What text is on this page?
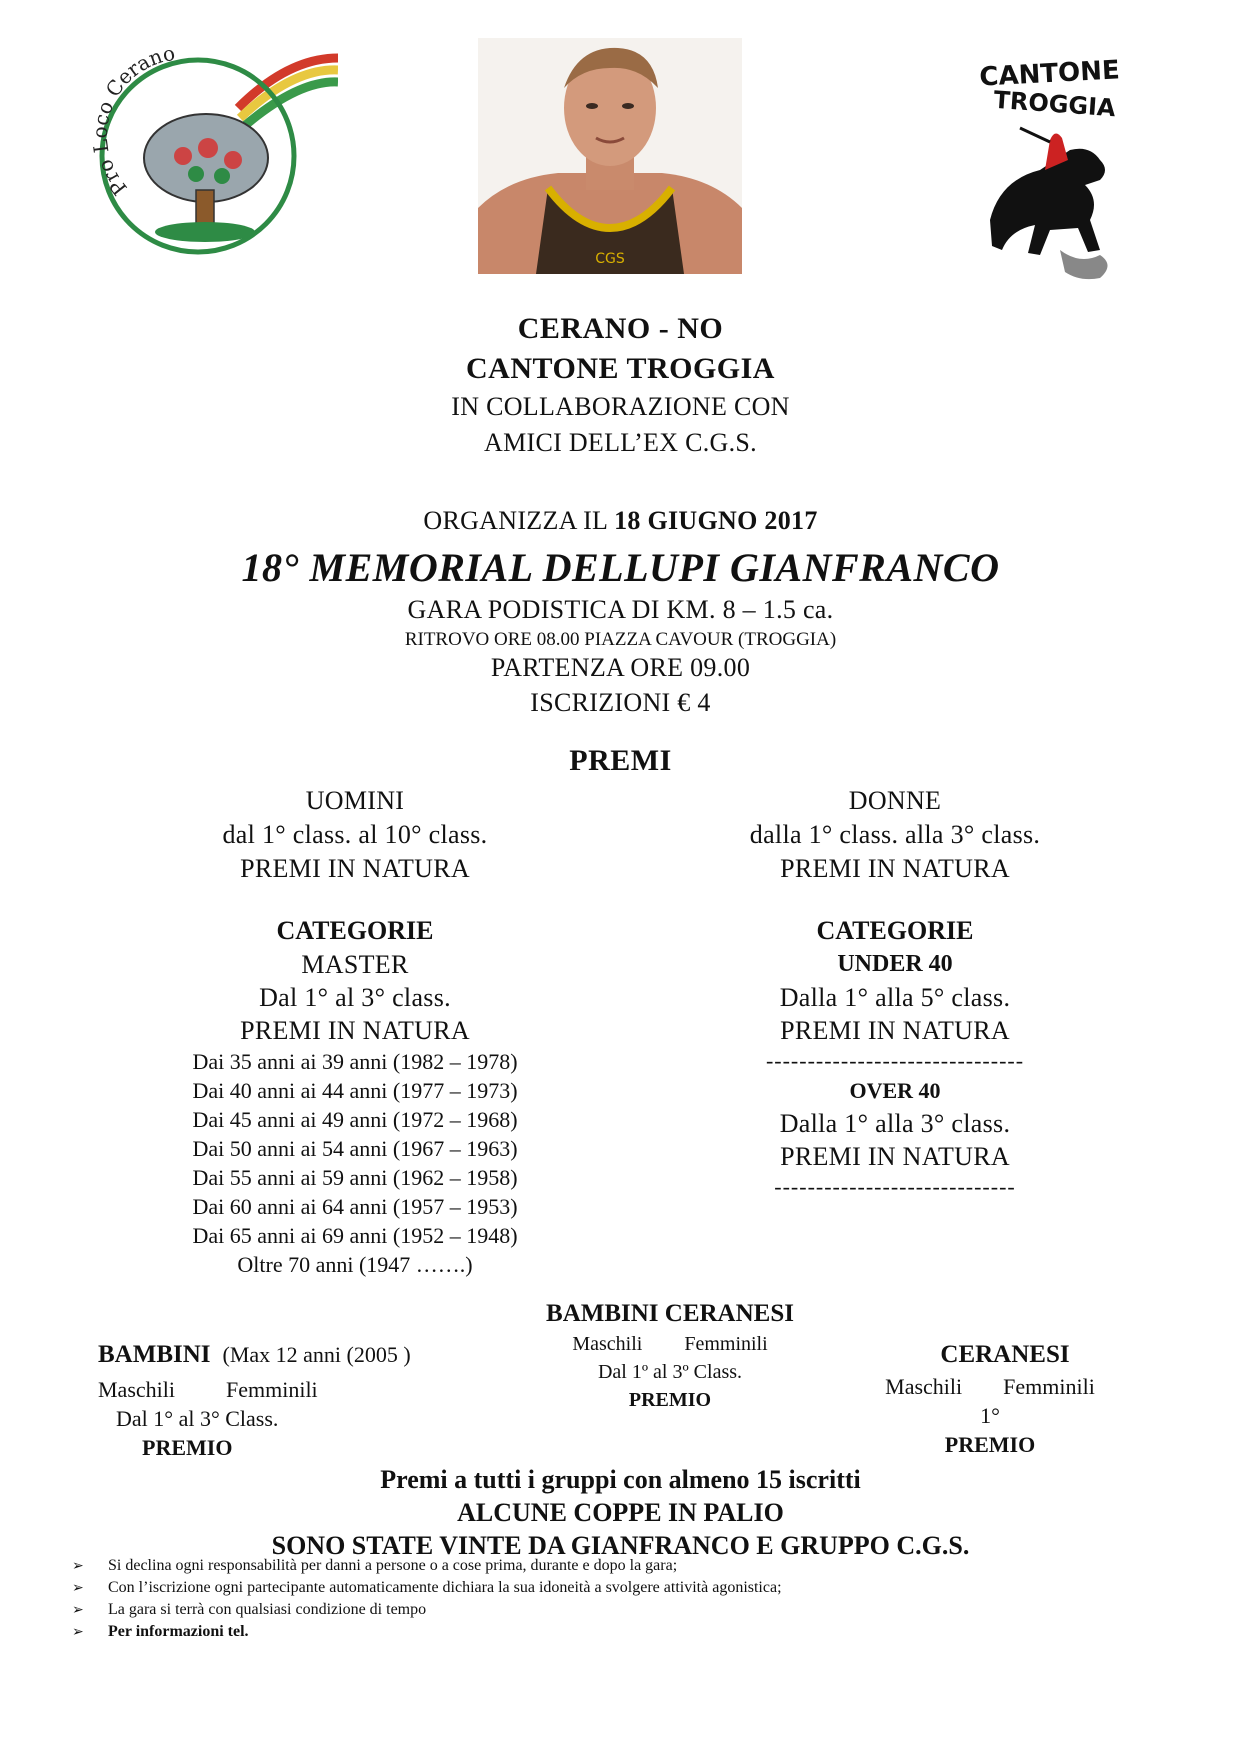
Pro Loco Cerano
CGS
CANTONE
TROGGIA
CERANO - NO
CANTONE TROGGIA
IN COLLABORAZIONE CON
AMICI DELL’EX C.G.S.
ORGANIZZA IL 18 GIUGNO 2017
18° MEMORIAL DELLUPI GIANFRANCO
GARA PODISTICA DI KM. 8 – 1.5 ca.
RITROVO ORE 08.00 PIAZZA CAVOUR (TROGGIA)
PARTENZA ORE 09.00
ISCRIZIONI € 4
PREMI
UOMINI
dal 1° class. al 10° class.
PREMI IN NATURA
DONNE
dalla 1° class. alla 3° class.
PREMI IN NATURA
CATEGORIE
MASTER
Dal 1° al 3° class.
PREMI IN NATURA
Dai 35 anni ai 39 anni (1982 – 1978)
Dai 40 anni ai 44 anni (1977 – 1973)
Dai 45 anni ai 49 anni (1972 – 1968)
Dai 50 anni ai 54 anni (1967 – 1963)
Dai 55 anni ai 59 anni (1962 – 1958)
Dai 60 anni ai 64 anni (1957 – 1953)
Dai 65 anni ai 69 anni (1952 – 1948)
Oltre 70 anni (1947 …….)
CATEGORIE
UNDER 40
Dalla 1° alla 5° class.
PREMI IN NATURA
-------------------------------
OVER 40
Dalla 1° alla 3° class.
PREMI IN NATURA
-----------------------------
BAMBINI CERANESI
Maschili Femminili
Dal 1º al 3º Class.
PREMIO
BAMBINI (Max 12 anni (2005 )
Maschili Femminili
Dal 1° al 3° Class.
PREMIO
CERANESI
Maschili Femminili
1°
PREMIO
Premi a tutti i gruppi con almeno 15 iscritti
ALCUNE COPPE IN PALIO
SONO STATE VINTE DA GIANFRANCO E GRUPPO C.G.S.
➢ Si declina ogni responsabilità per danni a persone o a cose prima, durante e dopo la gara;
➢ Con l’iscrizione ogni partecipante automaticamente dichiara la sua idoneità a svolgere attività agonistica;
➢ La gara si terrà con qualsiasi condizione di tempo
➢ Per informazioni tel.
